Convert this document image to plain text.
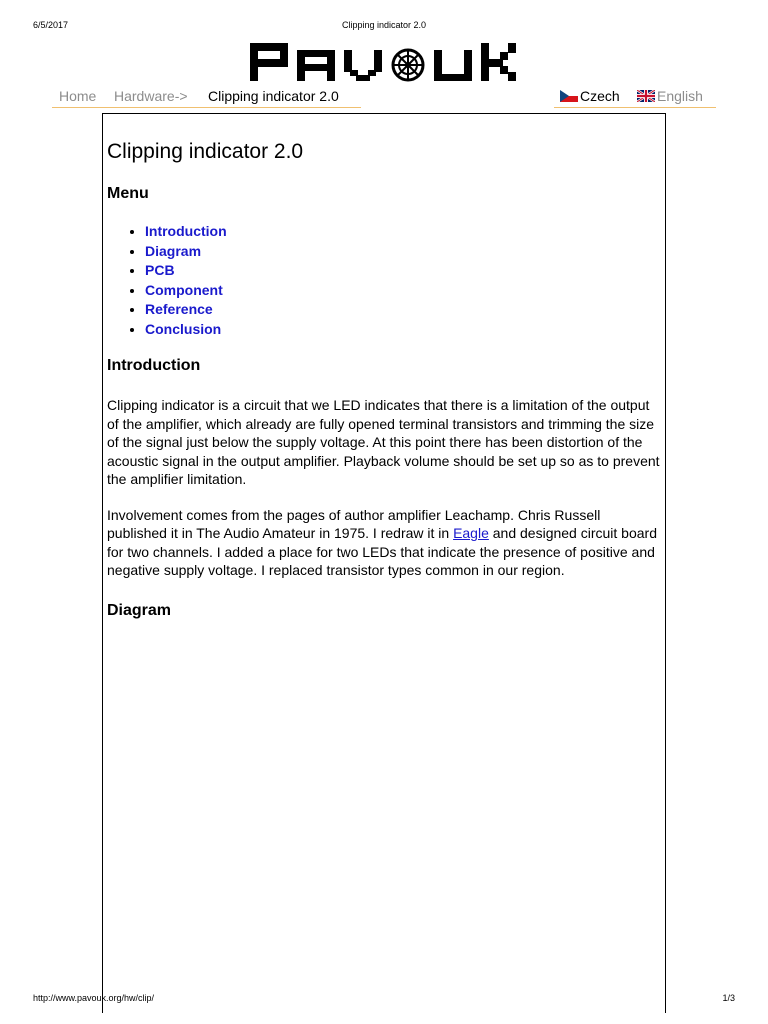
6/5/2017	Clipping indicator 2.0
Home	Hardware->	Clipping indicator 2.0	Czech	English
Clipping indicator 2.0
Menu
• Introduction
• Diagram
• PCB
• Component
• Reference
• Conclusion
Introduction

Clipping indicator is a circuit that we LED indicates that there is a limitation of the output of the amplifier, which already are fully opened terminal transistors and trimming the size of the signal just below the supply voltage. At this point there has been distortion of the acoustic signal in the output amplifier. Playback volume should be set up so as to prevent the amplifier limitation.

Involvement comes from the pages of author amplifier Leachamp. Chris Russell published it in The Audio Amateur in 1975. I redraw it in Eagle and designed circuit board for two channels. I added a place for two LEDs that indicate the presence of positive and negative supply voltage. I replaced transistor types common in our region.

Diagram
http://www.pavouk.org/hw/clip/	1/3
